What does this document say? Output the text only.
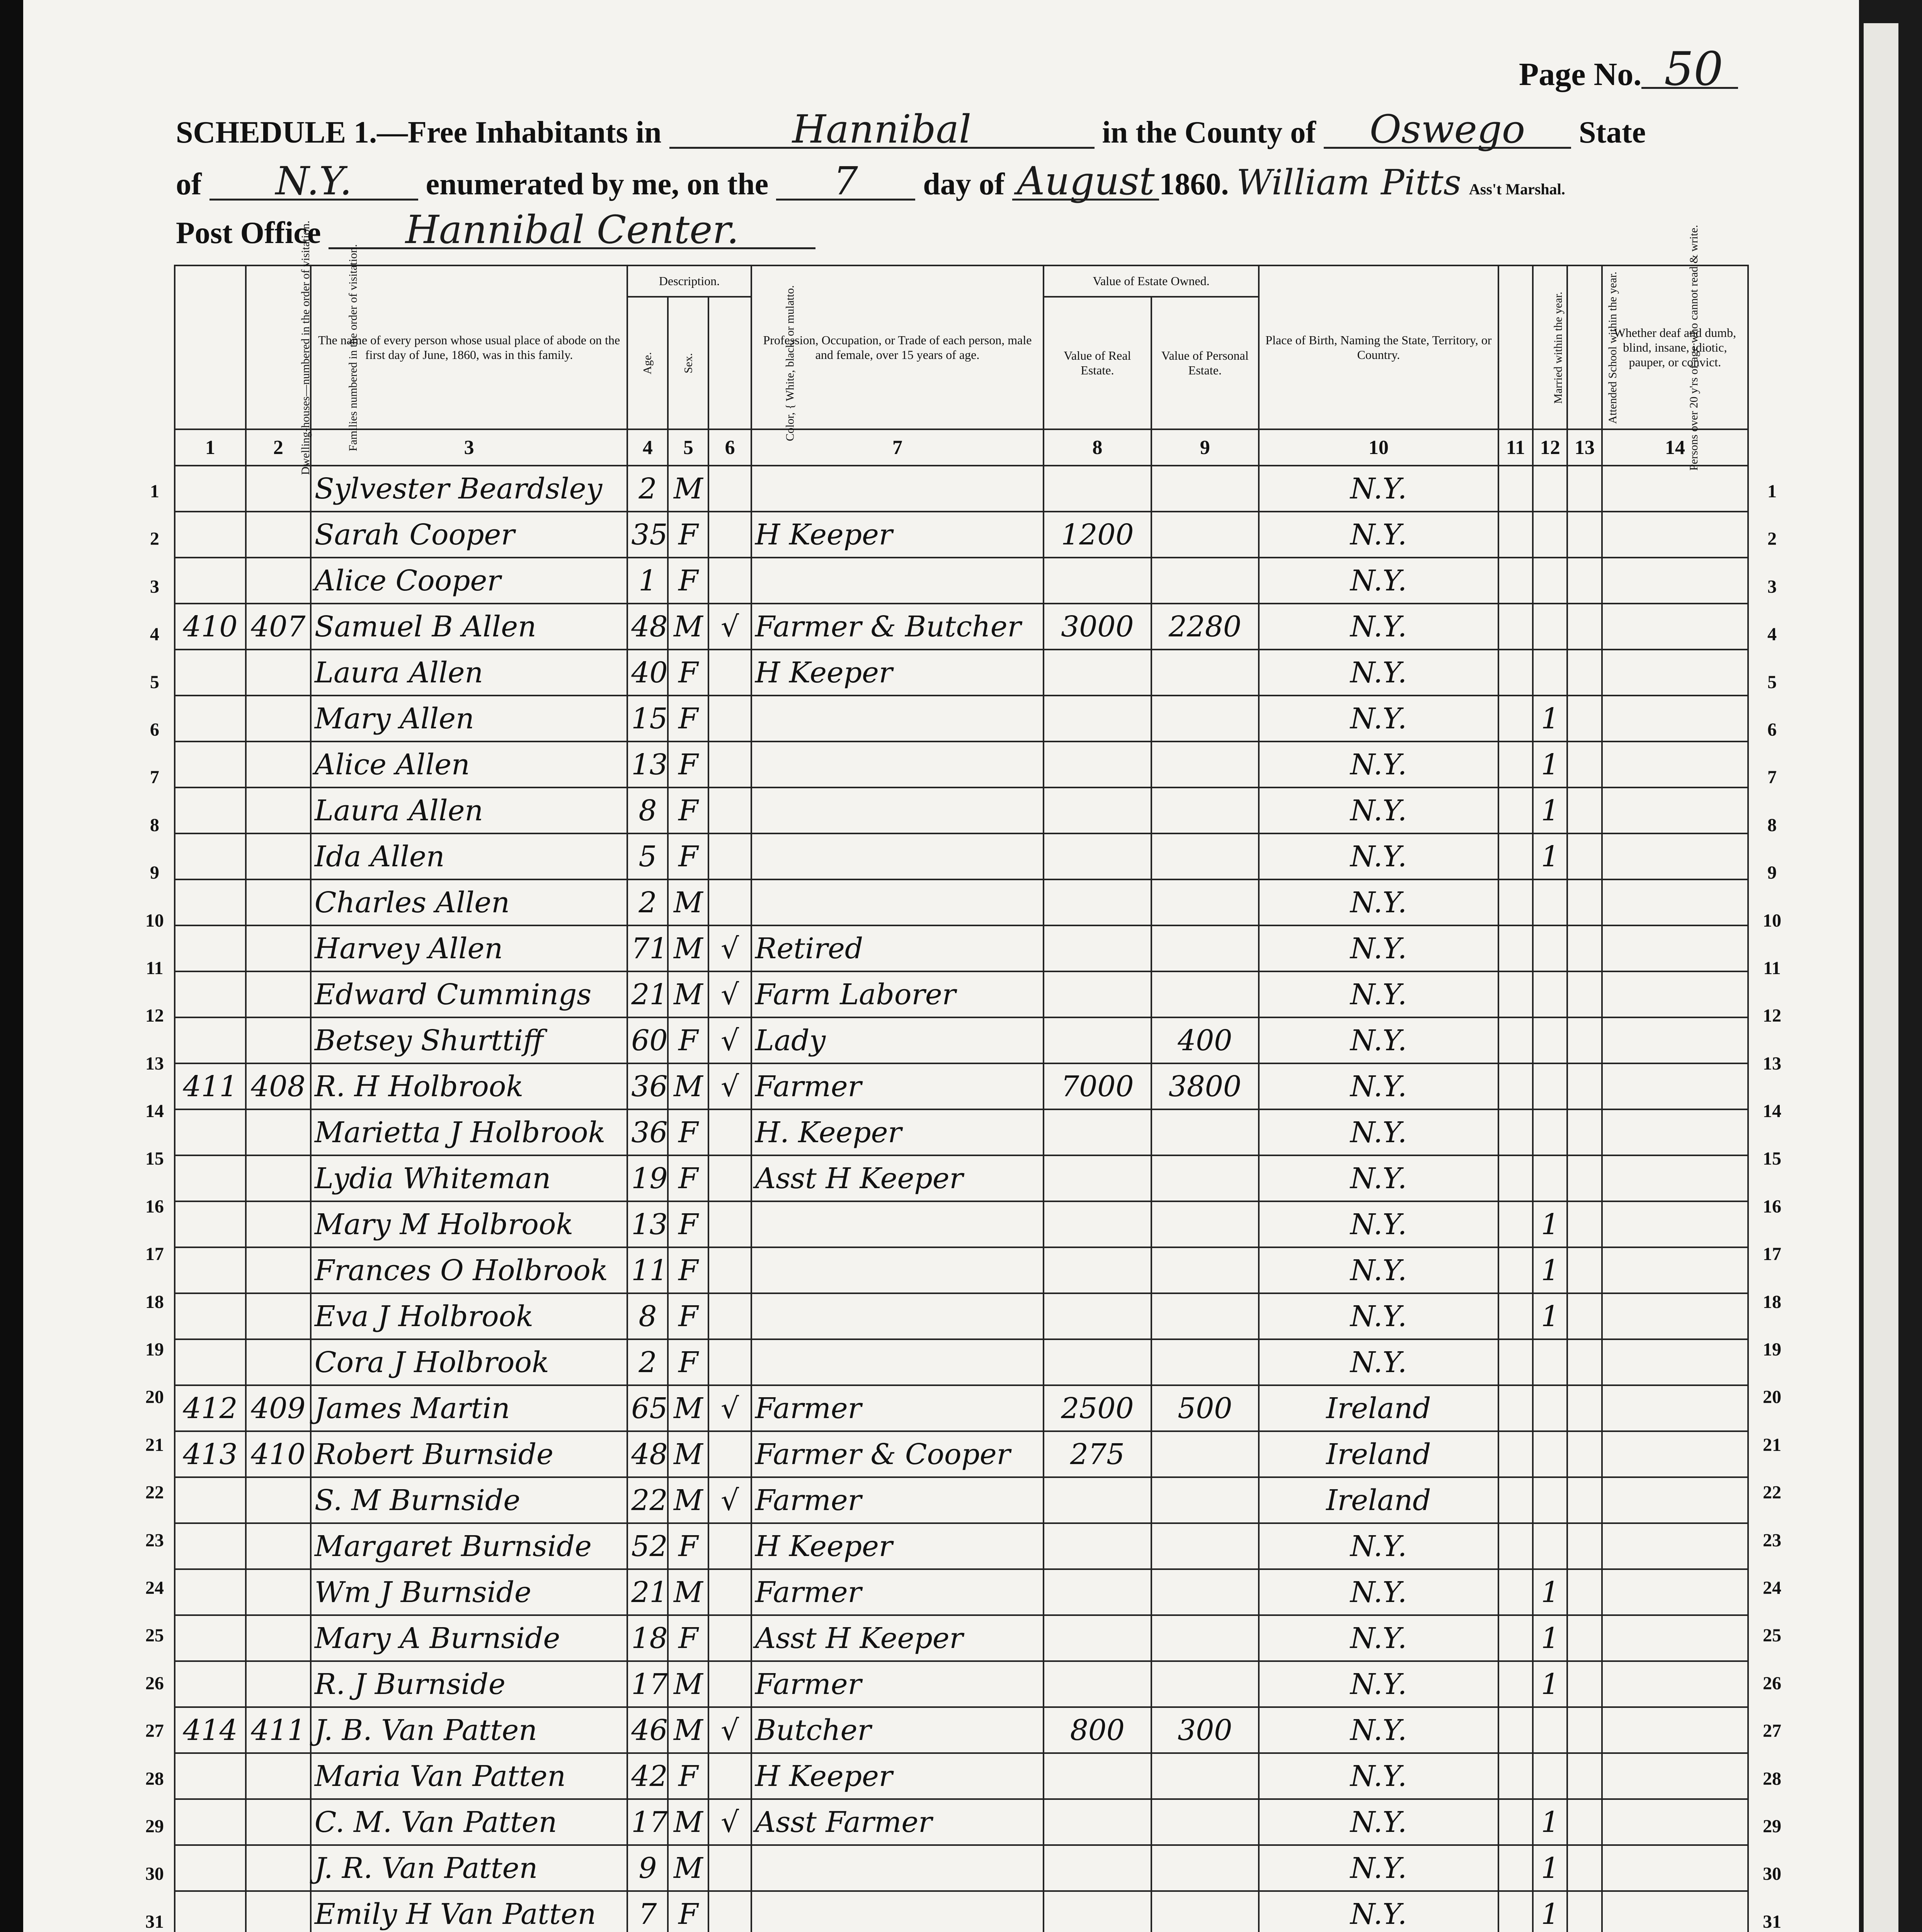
Page No. 50
SCHEDULE 1.—Free Inhabitants in	Hannibal	in the County of Oswego State
of N.Y. enumerated by me, on the 7 day of August 1860. William Pitts Ass't Marshal.
Post Office Hannibal Center.
Dwelling-houses—numbered in the order of visitation.	Families numbered in the order of visitation.	The name of every person whose usual place of abode on the first day of June, 1860, was in this family.	Description.			Profession, Occupation, or Trade of each person, male and female, over 15 years of age.	Value of Estate Owned.		Place of Birth, Naming the State, Territory, or Country.	Married within the year.	Attended School within the year.	Persons over 20 y'rs of age who cannot read & write.	Whether deaf and dumb, blind, insane, idiotic, pauper, or convict.
			Age.	Sex.	Color, { White, black, or mulatto.		Value of Real Estate.	Value of Personal Estate.					
1	2	3	4	5	6	7	8	9	10	11	12	13	14
		Sylvester Beardsley	2	M					N.Y.				
		Sarah Cooper	35	F		H Keeper	1200		N.Y.				
		Alice Cooper	1	F					N.Y.				
410	407	Samuel B Allen	48	M	√	Farmer & Butcher	3000	2280	N.Y.				
		Laura Allen	40	F		H Keeper			N.Y.				
		Mary Allen	15	F					N.Y.		1		
		Alice Allen	13	F					N.Y.		1		
		Laura Allen	8	F					N.Y.		1		
		Ida Allen	5	F					N.Y.		1		
		Charles Allen	2	M					N.Y.				
		Harvey Allen	71	M	√	Retired			N.Y.				
		Edward Cummings	21	M	√	Farm Laborer			N.Y.				
		Betsey Shurttiff	60	F	√	Lady		400	N.Y.				
411	408	R. H Holbrook	36	M	√	Farmer	7000	3800	N.Y.				
		Marietta J Holbrook	36	F		H. Keeper			N.Y.				
		Lydia Whiteman	19	F		Asst H Keeper			N.Y.				
		Mary M Holbrook	13	F					N.Y.		1		
		Frances O Holbrook	11	F					N.Y.		1		
		Eva J Holbrook	8	F					N.Y.		1		
		Cora J Holbrook	2	F					N.Y.				
412	409	James Martin	65	M	√	Farmer	2500	500	Ireland				
413	410	Robert Burnside	48	M		Farmer & Cooper	275		Ireland				
		S. M Burnside	22	M	√	Farmer			Ireland				
		Margaret Burnside	52	F		H Keeper			N.Y.				
		Wm J Burnside	21	M		Farmer			N.Y.		1		
		Mary A Burnside	18	F		Asst H Keeper			N.Y.		1		
		R. J Burnside	17	M		Farmer			N.Y.		1		
414	411	J. B. Van Patten	46	M	√	Butcher	800	300	N.Y.				
		Maria Van Patten	42	F		H Keeper			N.Y.				
		C. M. Van Patten	17	M	√	Asst Farmer			N.Y.		1		
		J. R. Van Patten	9	M					N.Y.		1		
		Emily H Van Patten	7	F					N.Y.		1		

1
2
3
4
5
6
7
8
9
10
11
12
13
14
15
16
17
18
19
20
21
22
23
24
25
26
27
28
29
30
31
1
2
3
4
5
6
7
8
9
10
11
12
13
14
15
16
17
18
19
20
21
22
23
24
25
26
27
28
29
30
31
